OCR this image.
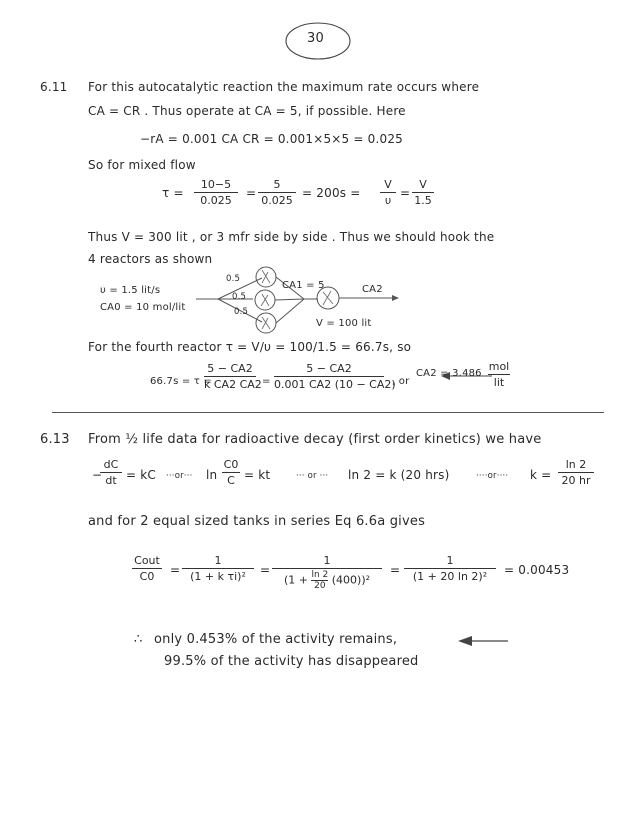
30
6.11 For this autocatalytic reaction the maximum rate occurs where
CA = CR . Thus operate at CA = 5, if possible. Here
−rA = 0.001 CA CR = 0.001×5×5 = 0.025
So for mixed flow
τ =
10−5
0.025
=
5
0.025
= 200s =
V
υ
=
V
1.5
Thus V = 300 lit , or 3 mfr side by side . Thus we should hook the
4 reactors as shown
υ = 1.5 lit/s
CA0 = 10 mol/lit
0.5
0.5
0.5
CA1 = 5	CA2
V = 100 lit
For the fourth reactor τ = V/υ = 100/1.5 = 66.7s, so
66.7s = τ =
5 − CA2
k CA2 CA2 =
5 − CA2
0.001 CA2 (10 − CA2)
, or
CA2 = 3.486
mol
lit
6.13 From ½ life data for radioactive decay (first order kinetics) we have
−
dC
dt = kC ···or··· ln
C0
C = kt	··· or ··· ln 2 = k (20 hrs)	····or···· k =
ln 2
20 hr
and for 2 equal sized tanks in series Eq 6.6a gives
Cout
C0	=
1
(1 + k τi)²	=
1
$(1 + \frac{\ln 2}{20} (400))^2$
=
1
(1 + 20 ln 2)²	= 0.00453
∴ only 0.453% of the activity remains,
99.5% of the activity has disappeared
